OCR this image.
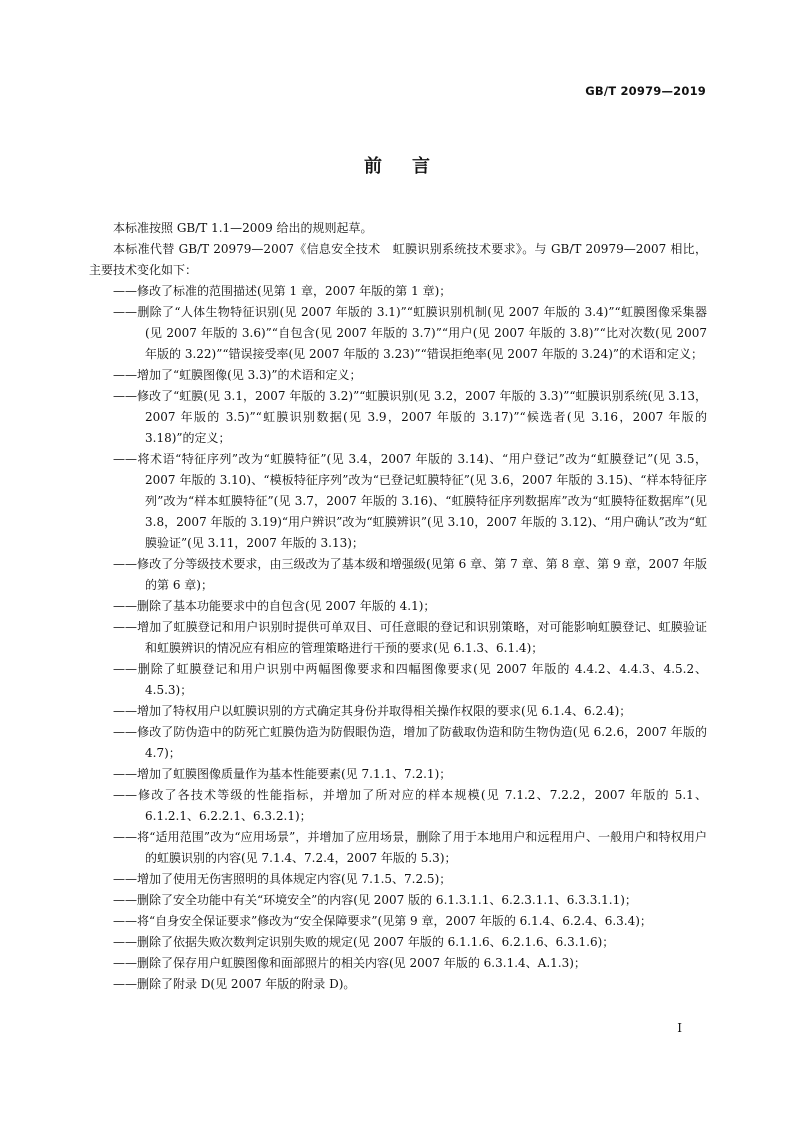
GB/T 20979—2019
前言

本标准按照 GB/T 1.1—2009 给出的规则起草。

本标准代替 GB/T 20979—2007《信息安全技术　虹膜识别系统技术要求》。与 GB/T 20979—2007 相比，主要技术变化如下：

——修改了标准的范围描述(见第 1 章，2007 年版的第 1 章)；

——删除了“人体生物特征识别(见 2007 年版的 3.1)”“虹膜识别机制(见 2007 年版的 3.4)”“虹膜图像采集器(见 2007 年版的 3.6)”“自包含(见 2007 年版的 3.7)”“用户(见 2007 年版的 3.8)”“比对次数(见 2007 年版的 3.22)”“错误接受率(见 2007 年版的 3.23)”“错误拒绝率(见 2007 年版的 3.24)”的术语和定义；

——增加了“虹膜图像(见 3.3)”的术语和定义；

——修改了“虹膜(见 3.1，2007 年版的 3.2)”“虹膜识别(见 3.2，2007 年版的 3.3)”“虹膜识别系统(见 3.13，2007 年版的 3.5)”“虹膜识别数据(见 3.9，2007 年版的 3.17)”“候选者(见 3.16，2007 年版的 3.18)”的定义；

——将术语“特征序列”改为“虹膜特征”(见 3.4，2007 年版的 3.14)、“用户登记”改为“虹膜登记”(见 3.5，2007 年版的 3.10)、“模板特征序列”改为“已登记虹膜特征”(见 3.6，2007 年版的 3.15)、“样本特征序列”改为“样本虹膜特征”(见 3.7，2007 年版的 3.16)、“虹膜特征序列数据库”改为“虹膜特征数据库”(见 3.8，2007 年版的 3.19)“用户辨识”改为“虹膜辨识”(见 3.10，2007 年版的 3.12)、“用户确认”改为“虹膜验证”(见 3.11，2007 年版的 3.13)；

——修改了分等级技术要求，由三级改为了基本级和增强级(见第 6 章、第 7 章、第 8 章、第 9 章，2007 年版的第 6 章)；

——删除了基本功能要求中的自包含(见 2007 年版的 4.1)；

——增加了虹膜登记和用户识别时提供可单双目、可任意眼的登记和识别策略，对可能影响虹膜登记、虹膜验证和虹膜辨识的情况应有相应的管理策略进行干预的要求(见 6.1.3、6.1.4)；

——删除了虹膜登记和用户识别中两幅图像要求和四幅图像要求(见 2007 年版的 4.4.2、4.4.3、4.5.2、4.5.3)；

——增加了特权用户以虹膜识别的方式确定其身份并取得相关操作权限的要求(见 6.1.4、6.2.4)；

——修改了防伪造中的防死亡虹膜伪造为防假眼伪造，增加了防截取伪造和防生物伪造(见 6.2.6，2007 年版的 4.7)；

——增加了虹膜图像质量作为基本性能要素(见 7.1.1、7.2.1)；

——修改了各技术等级的性能指标，并增加了所对应的样本规模(见 7.1.2、7.2.2，2007 年版的 5.1、6.1.2.1、6.2.2.1、6.3.2.1)；

——将“适用范围”改为“应用场景”，并增加了应用场景，删除了用于本地用户和远程用户、一般用户和特权用户的虹膜识别的内容(见 7.1.4、7.2.4，2007 年版的 5.3)；

——增加了使用无伤害照明的具体规定内容(见 7.1.5、7.2.5)；

——删除了安全功能中有关“环境安全”的内容(见 2007 版的 6.1.3.1.1、6.2.3.1.1、6.3.3.1.1)；

——将“自身安全保证要求”修改为“安全保障要求”(见第 9 章，2007 年版的 6.1.4、6.2.4、6.3.4)；

——删除了依据失败次数判定识别失败的规定(见 2007 年版的 6.1.1.6、6.2.1.6、6.3.1.6)；

——删除了保存用户虹膜图像和面部照片的相关内容(见 2007 年版的 6.3.1.4、A.1.3)；

——删除了附录 D(见 2007 年版的附录 D)。

I
